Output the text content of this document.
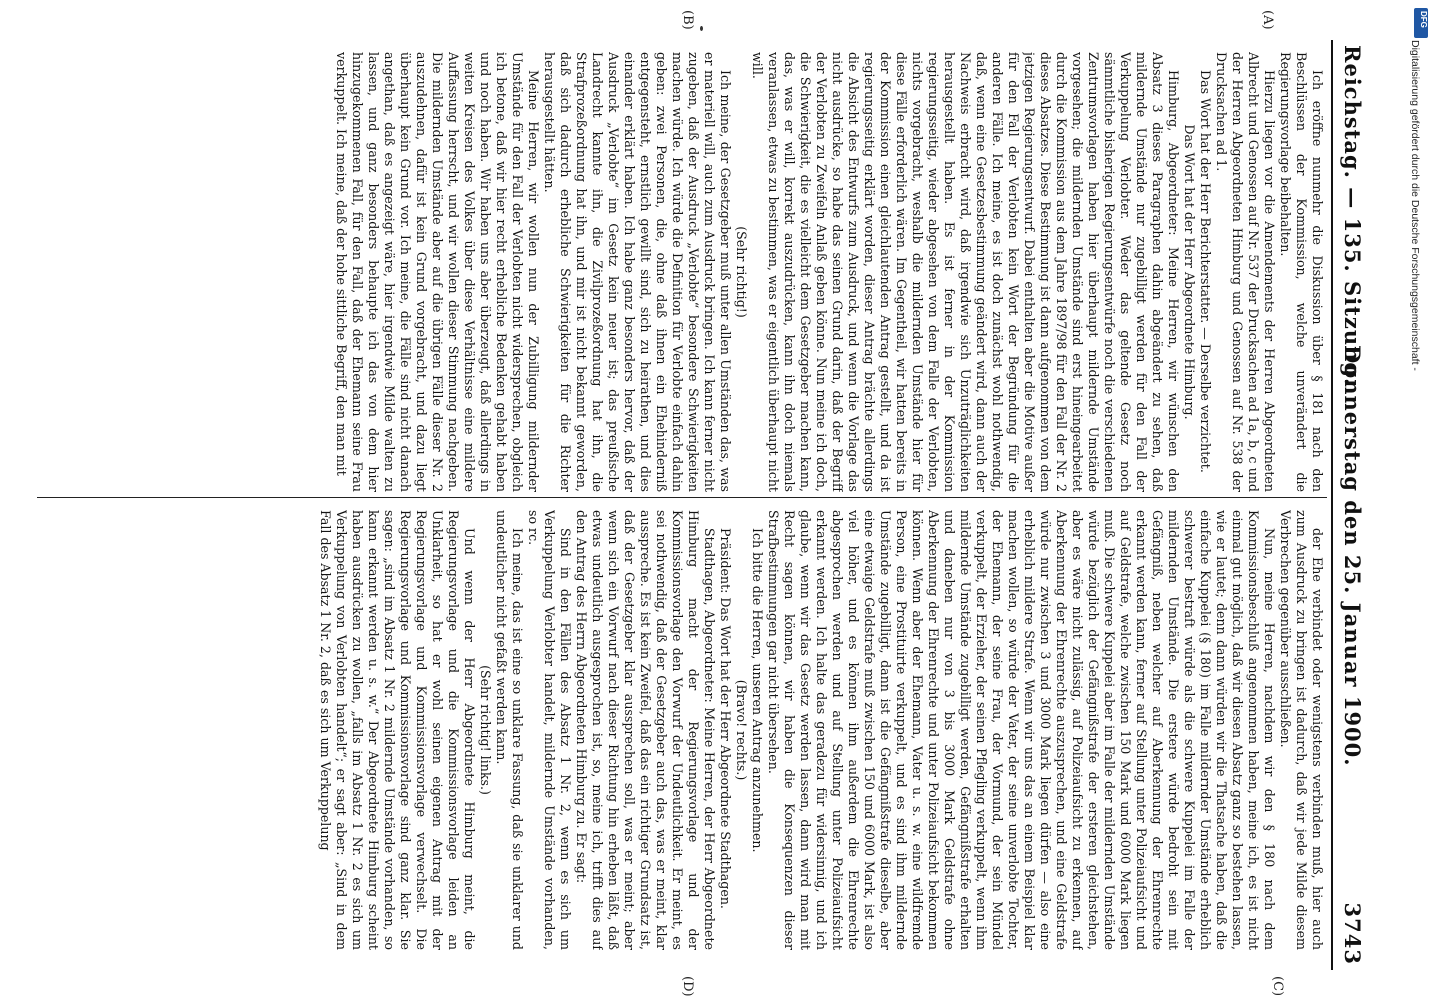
Reichstag. — 135. Sitzung.
Donnerstag den 25. Januar 1900.
3743
(A)
(B)
(C)
(D)

Ich eröffne nunmehr die Diskussion über § 181 nach den Beschlüssen der Kommission, welche unverändert die Regierungsvorlage beibehalten.

Hierzu liegen vor die Amendements der Herren Abgeordneten Albrecht und Genossen auf Nr. 537 der Drucksachen ad 1a, b, c und der Herren Abgeordneten Himburg und Genossen auf Nr. 538 der Drucksachen ad 1.

Das Wort hat der Herr Berichterstatter. — Derselbe verzichtet.

Das Wort hat der Herr Abgeordnete Himburg.

Himburg, Abgeordneter: Meine Herren, wir wünschen den Absatz 3 dieses Paragraphen dahin abgeändert zu sehen, daß mildernde Umstände nur zugebilligt werden für den Fall der Verkuppelung Verlobter. Weder das geltende Gesetz noch sämmtliche bisherigen Regierungsentwürfe noch die verschiedenen Zentrumsvorlagen haben hier überhaupt mildernde Umstände vorgesehen; die mildernden Umstände sind erst hineingearbeitet durch die Kommission aus dem Jahre 1897/98 für den Fall der Nr. 2 dieses Absatzes. Diese Bestimmung ist dann aufgenommen von dem jetzigen Regierungsentwurf. Dabei enthalten aber die Motive außer für den Fall der Verlobten kein Wort der Begründung für die anderen Fälle. Ich meine, es ist doch zunächst wohl nothwendig, daß, wenn eine Gesetzesbestimmung geändert wird, dann auch der Nachweis erbracht wird, daß irgendwie sich Unzuträglichkeiten herausgestellt haben. Es ist ferner in der Kommission regierungsseitig, wieder abgesehen von dem Falle der Verlobten, nichts vorgebracht, weshalb die mildernden Umstände hier für diese Fälle erforderlich wären. Im Gegentheil, wir hatten bereits in der Kommission einen gleichlautenden Antrag gestellt, und da ist regierungsseitig erklärt worden, dieser Antrag brächte allerdings die Absicht des Entwurfs zum Ausdruck, und wenn die Vorlage das nicht ausdrücke, so habe das seinen Grund darin, daß der Begriff der Verlobten zu Zweifeln Anlaß geben könne. Nun meine ich doch, die Schwierigkeit, die es vielleicht dem Gesetzgeber machen kann, das, was er will, korrekt auszudrücken, kann ihn doch niemals veranlassen, etwas zu bestimmen, was er eigentlich überhaupt nicht will.

(Sehr richtig!)

Ich meine, der Gesetzgeber muß unter allen Umständen das, was er materiell will, auch zum Ausdruck bringen. Ich kann ferner nicht zugeben, daß der Ausdruck „Verlobte“ besondere Schwierigkeiten machen würde. Ich würde die Definition für Verlobte einfach dahin geben: zwei Personen, die, ohne daß ihnen ein Ehehinderniß entgegensteht, ernstlich gewillt sind, sich zu heirathen, und dies einander erklärt haben. Ich habe ganz besonders hervor, daß der Ausdruck „Verlobte“ im Gesetz kein neuer ist; das preußische Landrecht kannte ihn, die Zivilprozeßordnung hat ihn, die Strafprozeßordnung hat ihn, und mir ist nicht bekannt geworden, daß sich dadurch erhebliche Schwierigkeiten für die Richter herausgestellt hätten.

Meine Herren, wir wollen nun der Zubilligung mildernder Umstände für den Fall der Verlobten nicht widersprechen, obgleich ich betone, daß wir hier recht erhebliche Bedenken gehabt haben und noch haben. Wir haben uns aber überzeugt, daß allerdings in weiten Kreisen des Volkes über diese Verhältnisse eine mildere Auffassung herrscht, und wir wollen dieser Stimmung nachgeben. Die mildernden Umstände aber auf die übrigen Fälle dieser Nr. 2 auszudehnen, dafür ist kein Grund vorgebracht, und dazu liegt überhaupt kein Grund vor. Ich meine, die Fälle sind nicht danach angethan, daß es angezeigt wäre, hier irgendwie Milde walten zu lassen, und ganz besonders behaupte ich das von dem hier hinzugekommenen Fall, für den Fall, daß der Ehemann seine Frau verkuppelt. Ich meine, daß der hohe sittliche Begriff, den man mit

der Ehe verbindet oder wenigstens verbinden muß, hier auch zum Ausdruck zu bringen ist dadurch, daß wir jede Milde diesem Verbrechen gegenüber ausschließen.

Nun, meine Herren, nachdem wir den § 180 nach dem Kommissionsbeschluß angenommen haben, meine ich, es ist nicht einmal gut möglich, daß wir diesen Absatz ganz so bestehen lassen, wie er lautet; denn dann würden wir die Thatsache haben, daß die einfache Kuppelei (§ 180) im Falle mildernder Umstände erheblich schwerer bestraft würde als die schwere Kuppelei im Falle der mildernden Umstände. Die erstere würde bedroht sein mit Gefängniß, neben welcher auf Aberkennung der Ehrenrechte erkannt werden kann, ferner auf Stellung unter Polizeiaufsicht und auf Geldstrafe, welche zwischen 150 Mark und 6000 Mark liegen muß. Die schwere Kuppelei aber im Falle der mildernden Umstände würde bezüglich der Gefängnißstrafe der ersteren gleichstehen, aber es wäre nicht zulässig, auf Polizeiaufsicht zu erkennen, auf Aberkennung der Ehrenrechte auszusprechen, und eine Geldstrafe würde nur zwischen 3 und 3000 Mark liegen dürfen — also eine erheblich mildere Strafe. Wenn wir uns das an einem Beispiel klar machen wollen, so würde der Vater, der seine unverlobte Tochter, der Ehemann, der seine Frau, der Vormund, der sein Mündel verkuppelt, der Erzieher, der seinen Pflegling verkuppelt, wenn ihm mildernde Umstände zugebilligt werden, Gefängnißstrafe erhalten und daneben nur von 3 bis 3000 Mark Geldstrafe ohne Aberkennung der Ehrenrechte und unter Polizeiaufsicht bekommen können. Wenn aber der Ehemann, Vater u. s. w. eine wildfremde Person, eine Prostituirte verkuppelt, und es sind ihm mildernde Umstände zugebilligt, dann ist die Gefängnißstrafe dieselbe, aber eine etwaige Geldstrafe muß zwischen 150 und 6000 Mark, ist also viel höher, und es können ihm außerdem die Ehrenrechte abgesprochen werden und auf Stellung unter Polizeiaufsicht erkannt werden. Ich halte das geradezu für widersinnig, und ich glaube, wenn wir das Gesetz werden lassen, dann wird man mit Recht sagen können, wir haben die Konsequenzen dieser Strafbestimmungen gar nicht übersehen.

Ich bitte die Herren, unseren Antrag anzunehmen.

(Bravo! rechts.)

Präsident: Das Wort hat der Herr Abgeordnete Stadthagen.

Stadthagen, Abgeordneter: Meine Herren, der Herr Abgeordnete Himburg macht der Regierungsvorlage und der Kommissionsvorlage den Vorwurf der Undeutlichkeit. Er meint, es sei nothwendig, daß der Gesetzgeber auch das, was er meint, klar ausspreche. Es ist kein Zweifel, daß das ein richtiger Grundsatz ist, daß der Gesetzgeber klar aussprechen soll, was er meint; aber wenn sich ein Vorwurf nach dieser Richtung hin erheben läßt, daß etwas undeutlich ausgesprochen ist, so, meine ich, trifft dies auf den Antrag des Herrn Abgeordneten Himburg zu. Er sagt:

Sind in den Fällen des Absatz 1 Nr. 2, wenn es sich um Verkuppelung Verlobter handelt, mildernde Umstände vorhanden, so rc.

Ich meine, das ist eine so unklare Fassung, daß sie unklarer und undeutlicher nicht gefaßt werden kann.

(Sehr richtig! links.)

Und wenn der Herr Abgeordnete Himburg meint, die Regierungsvorlage und die Kommissionsvorlage leiden an Unklarheit, so hat er wohl seinen eigenen Antrag mit der Regierungsvorlage und Kommissionsvorlage verwechselt. Die Regierungsvorlage und Kommissionsvorlage sind ganz klar. Sie sagen: „sind im Absatz 1 Nr. 2 mildernde Umstände vorhanden, so kann erkannt werden u. s. w.“ Der Abgeordnete Himburg scheint haben ausdrücken zu wollen, „falls im Absatz 1 Nr. 2 es sich um Verkuppelung von Verlobten handelt“; er sagt aber: „Sind in dem Fall des Absatz 1 Nr. 2, daß es sich um Verkuppelung

DFG
Digitalisierung gefördert durch die Deutsche Forschungsgemeinschaft -
